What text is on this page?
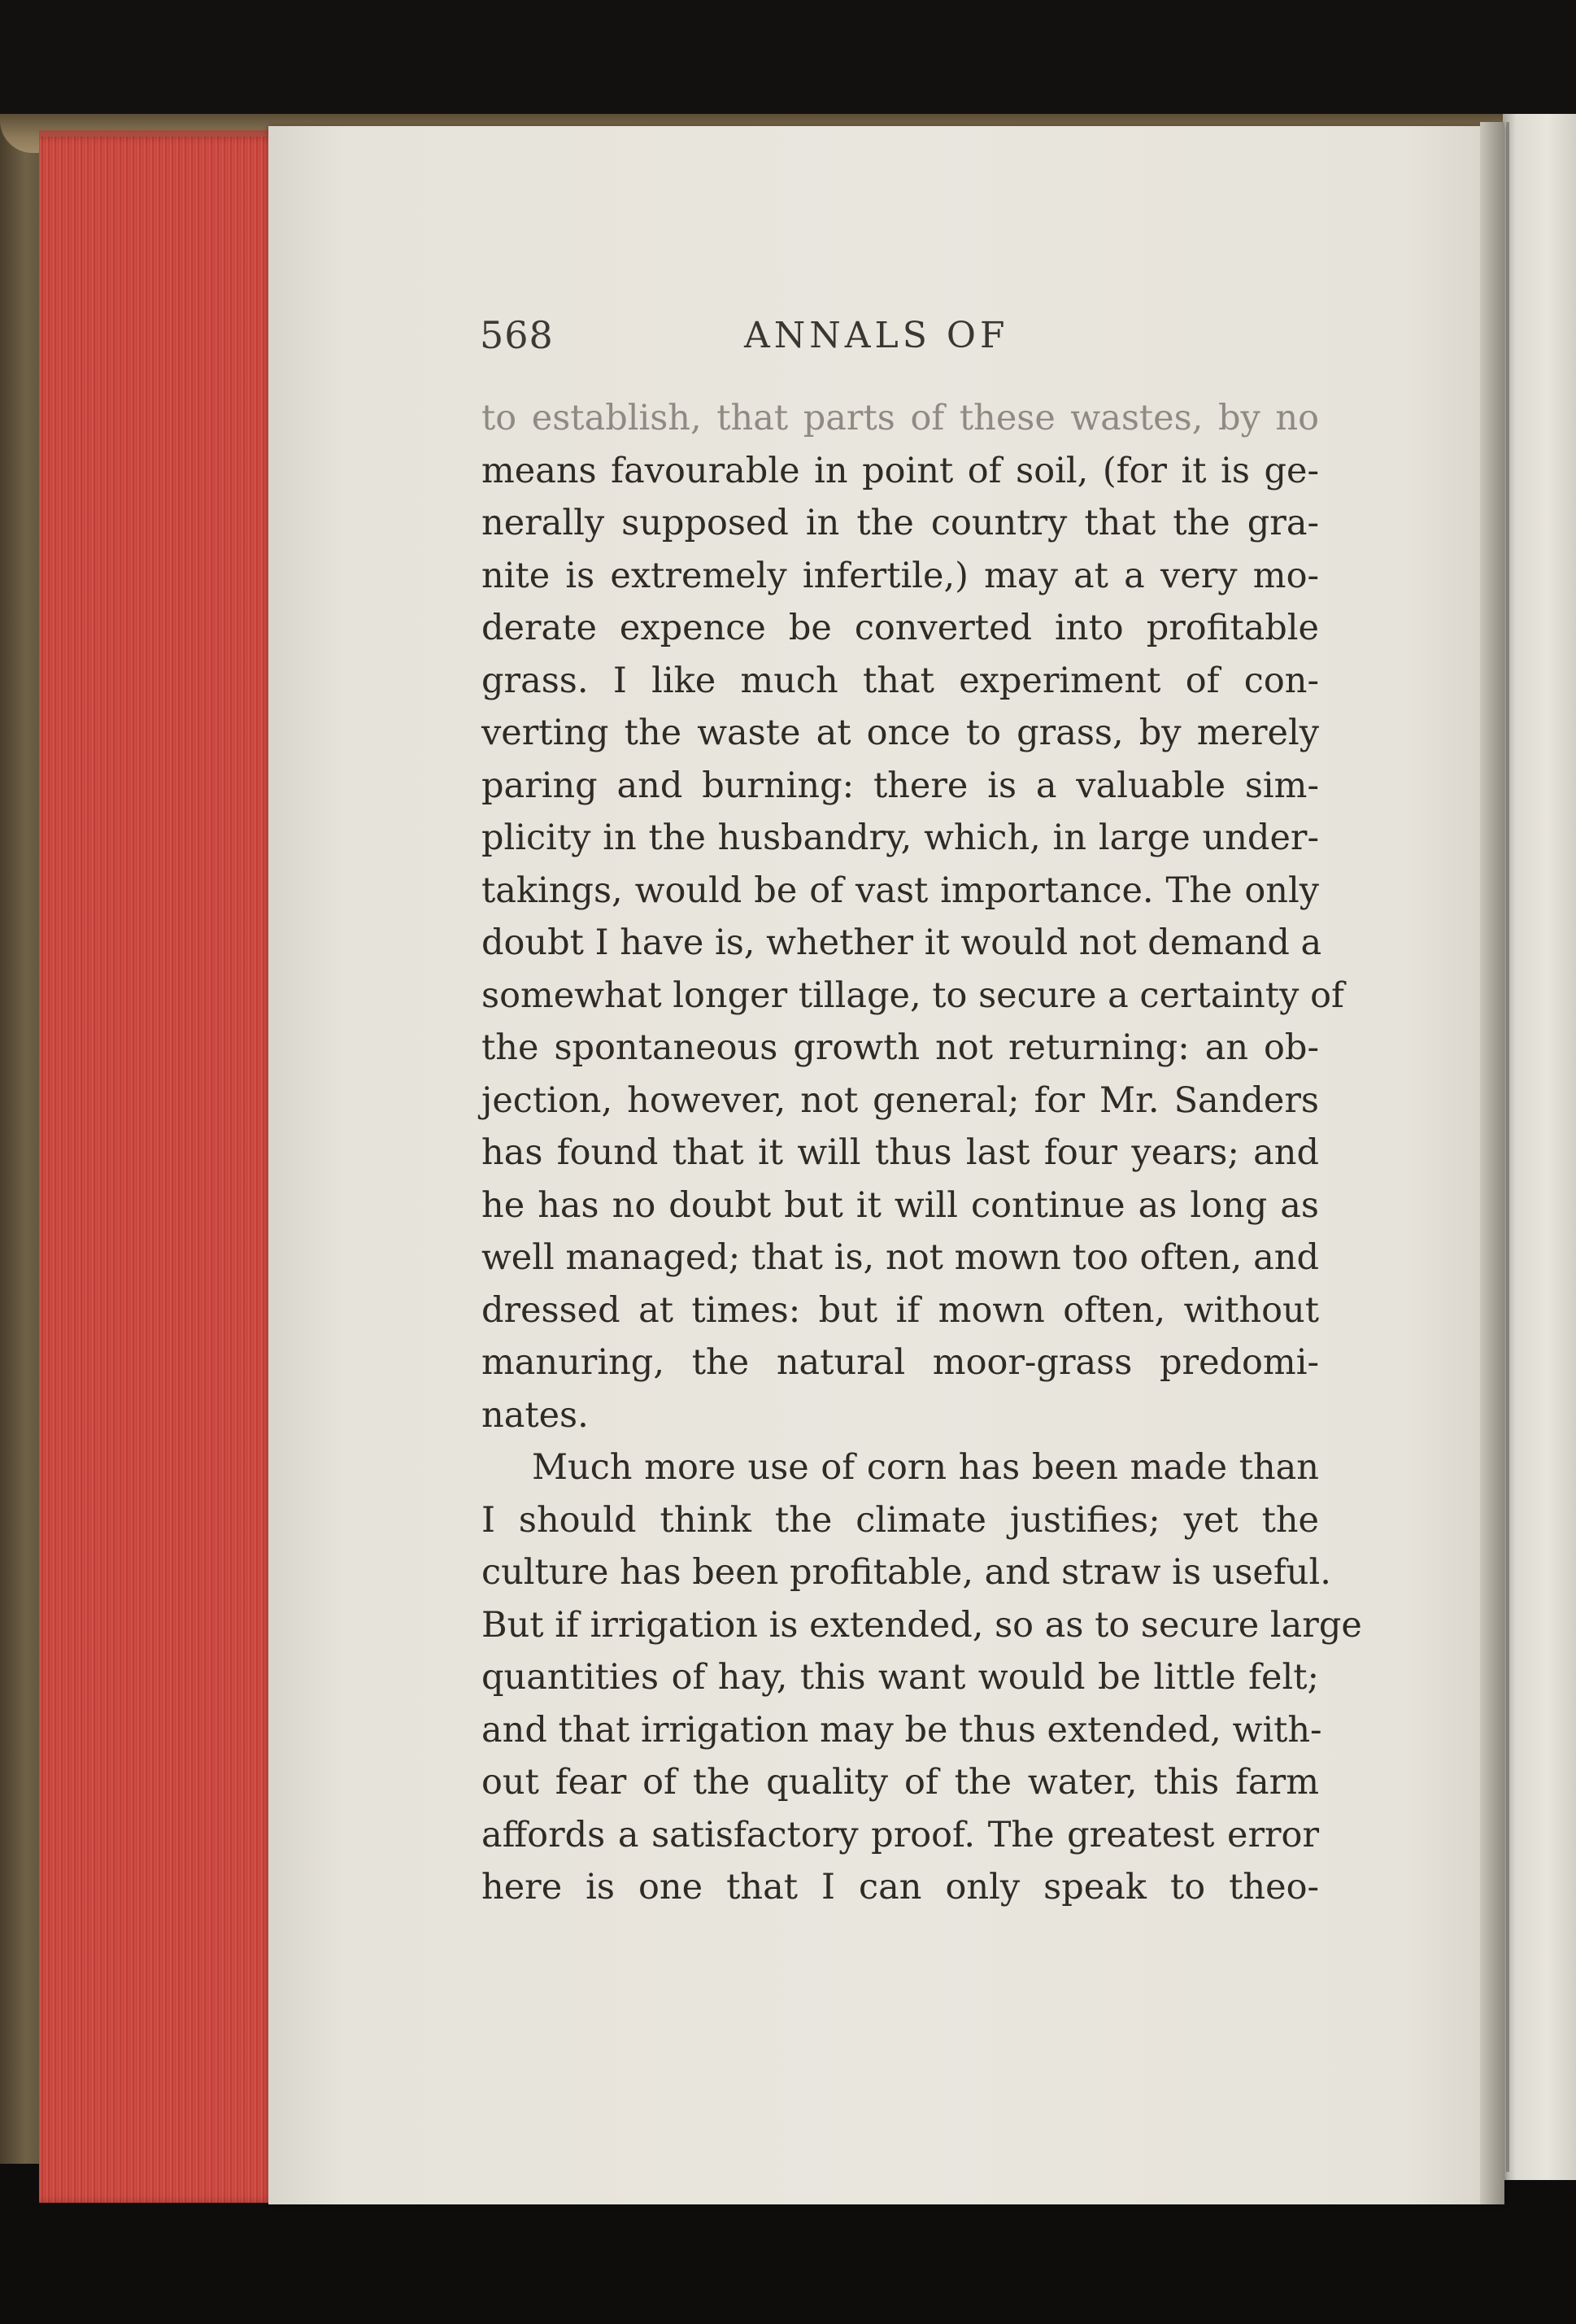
568	ANNALS OF
to establish, that parts of these wastes, by no
means favourable in point of soil, (for it is ge-
nerally supposed in the country that the gra-
nite is extremely infertile,) may at a very mo-
derate expence be converted into profitable
grass. I like much that experiment of con-
verting the waste at once to grass, by merely
paring and burning: there is a valuable sim-
plicity in the husbandry, which, in large under-
takings, would be of vast importance. The only
doubt I have is, whether it would not demand a
somewhat longer tillage, to secure a certainty of
the spontaneous growth not returning: an ob-
jection, however, not general; for Mr. Sanders
has found that it will thus last four years; and
he has no doubt but it will continue as long as
well managed; that is, not mown too often, and
dressed at times: but if mown often, without
manuring, the natural moor-grass predomi-
nates.
Much more use of corn has been made than
I should think the climate justifies; yet the
culture has been profitable, and straw is useful.
But if irrigation is extended, so as to secure large
quantities of hay, this want would be little felt;
and that irrigation may be thus extended, with-
out fear of the quality of the water, this farm
affords a satisfactory proof. The greatest error
here is one that I can only speak to theo-
